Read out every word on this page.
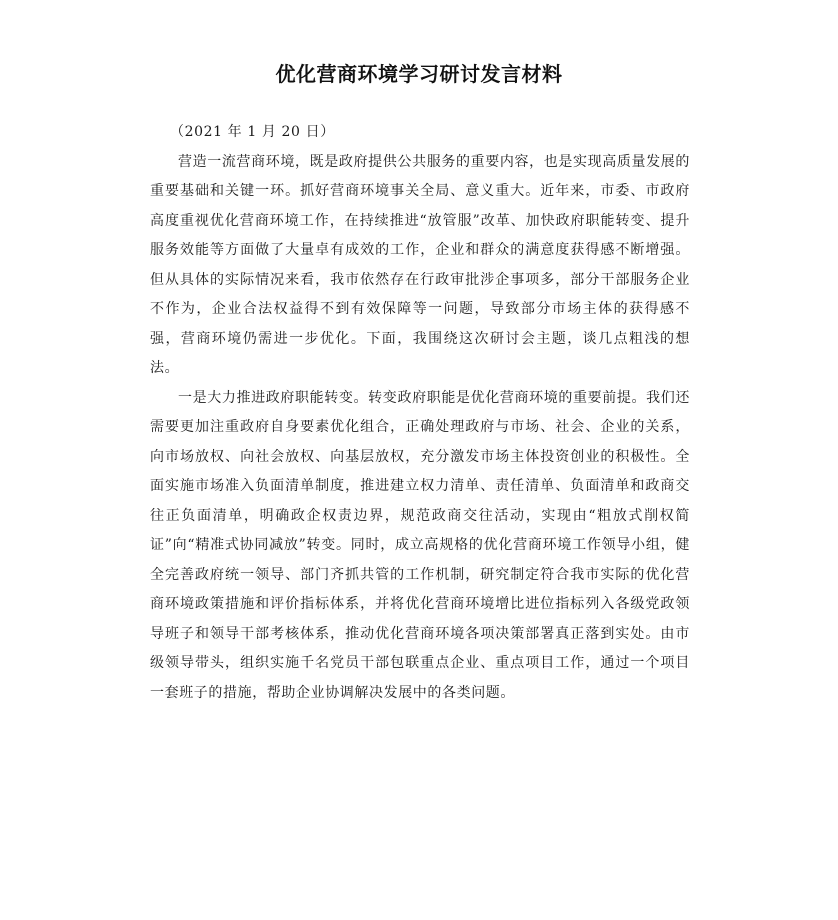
优化营商环境学习研讨发言材料

（2021 年 1 月 20 日）

营造一流营商环境，既是政府提供公共服务的重要内容，也是实现高质量发展的重要基础和关键一环。抓好营商环境事关全局、意义重大。近年来，市委、市政府高度重视优化营商环境工作，在持续推进“放管服”改革、加快政府职能转变、提升服务效能等方面做了大量卓有成效的工作，企业和群众的满意度获得感不断增强。但从具体的实际情况来看，我市依然存在行政审批涉企事项多，部分干部服务企业不作为，企业合法权益得不到有效保障等一问题，导致部分市场主体的获得感不强，营商环境仍需进一步优化。下面，我围绕这次研讨会主题，谈几点粗浅的想法。

一是大力推进政府职能转变。转变政府职能是优化营商环境的重要前提。我们还需要更加注重政府自身要素优化组合，正确处理政府与市场、社会、企业的关系，向市场放权、向社会放权、向基层放权，充分激发市场主体投资创业的积极性。全面实施市场准入负面清单制度，推进建立权力清单、责任清单、负面清单和政商交往正负面清单，明确政企权责边界，规范政商交往活动，实现由“粗放式削权简证”向“精准式协同减放”转变。同时，成立高规格的优化营商环境工作领导小组，健全完善政府统一领导、部门齐抓共管的工作机制，研究制定符合我市实际的优化营商环境政策措施和评价指标体系，并将优化营商环境增比进位指标列入各级党政领导班子和领导干部考核体系，推动优化营商环境各项决策部署真正落到实处。由市级领导带头，组织实施千名党员干部包联重点企业、重点项目工作，通过一个项目一套班子的措施，帮助企业协调解决发展中的各类问题。
